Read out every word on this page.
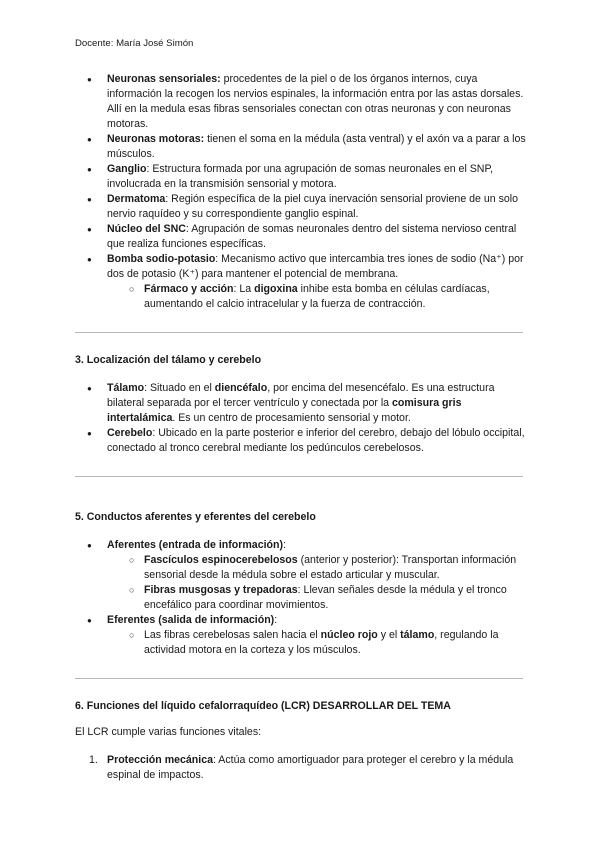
Docente: María José Simón
● Neuronas sensoriales: procedentes de la piel o de los órganos internos, cuya información la recogen los nervios espinales, la información entra por las astas dorsales. Allí en la medula esas fibras sensoriales conectan con otras neuronas y con neuronas motoras.
● Neuronas motoras: tienen el soma en la médula (asta ventral) y el axón va a parar a los músculos.
● Ganglio: Estructura formada por una agrupación de somas neuronales en el SNP, involucrada en la transmisión sensorial y motora.
● Dermatoma: Región específica de la piel cuya inervación sensorial proviene de un solo nervio raquídeo y su correspondiente ganglio espinal.
● Núcleo del SNC: Agrupación de somas neuronales dentro del sistema nervioso central que realiza funciones específicas.
● Bomba sodio-potasio: Mecanismo activo que intercambia tres iones de sodio (Na⁺) por dos de potasio (K⁺) para mantener el potencial de membrana.
○ Fármaco y acción: La digoxina inhibe esta bomba en células cardíacas, aumentando el calcio intracelular y la fuerza de contracción.
3. Localización del tálamo y cerebelo
● Tálamo: Situado en el diencéfalo, por encima del mesencéfalo. Es una estructura bilateral separada por el tercer ventrículo y conectada por la comisura gris intertalámica. Es un centro de procesamiento sensorial y motor.
● Cerebelo: Ubicado en la parte posterior e inferior del cerebro, debajo del lóbulo occipital, conectado al tronco cerebral mediante los pedúnculos cerebelosos.
5. Conductos aferentes y eferentes del cerebelo
● Aferentes (entrada de información):
○ Fascículos espinocerebelosos (anterior y posterior): Transportan información sensorial desde la médula sobre el estado articular y muscular.
○ Fibras musgosas y trepadoras: Llevan señales desde la médula y el tronco encefálico para coordinar movimientos.
● Eferentes (salida de información):
○ Las fibras cerebelosas salen hacia el núcleo rojo y el tálamo, regulando la actividad motora en la corteza y los músculos.
6. Funciones del líquido cefalorraquídeo (LCR) DESARROLLAR DEL TEMA

El LCR cumple varias funciones vitales:

1. Protección mecánica: Actúa como amortiguador para proteger el cerebro y la médula espinal de impactos.
